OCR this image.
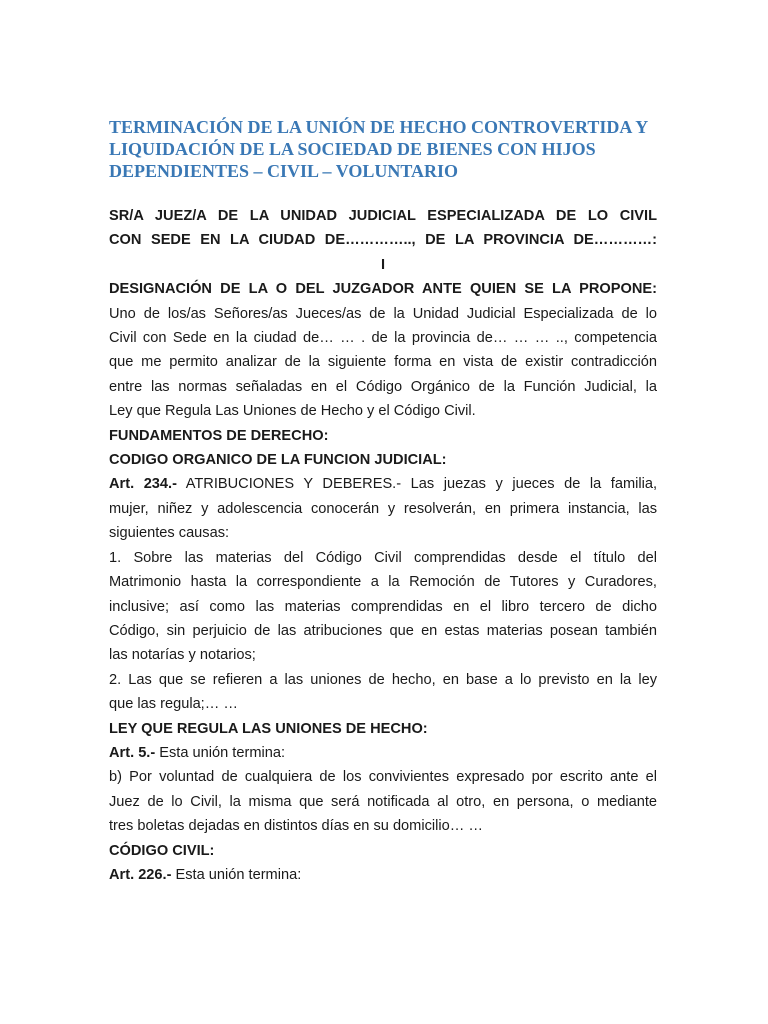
TERMINACIÓN DE LA UNIÓN DE HECHO CONTROVERTIDA Y
LIQUIDACIÓN DE LA SOCIEDAD DE BIENES CON HIJOS
DEPENDIENTES – CIVIL – VOLUNTARIO

SR/A JUEZ/A DE LA UNIDAD JUDICIAL ESPECIALIZADA DE LO CIVIL
CON SEDE EN LA CIUDAD DE………….., DE LA PROVINCIA DE…………:

I

DESIGNACIÓN DE LA O DEL JUZGADOR ANTE QUIEN SE LA PROPONE:

Uno de los/as Señores/as Jueces/as de la Unidad Judicial Especializada de lo
Civil con Sede en la ciudad de… … . de la provincia de… … … .., competencia
que me permito analizar de la siguiente forma en vista de existir contradicción
entre las normas señaladas en el Código Orgánico de la Función Judicial, la
Ley que Regula Las Uniones de Hecho y el Código Civil.

FUNDAMENTOS DE DERECHO:

CODIGO ORGANICO DE LA FUNCION JUDICIAL:

Art. 234.- ATRIBUCIONES Y DEBERES.- Las juezas y jueces de la familia,
mujer, niñez y adolescencia conocerán y resolverán, en primera instancia, las
siguientes causas:

1. Sobre las materias del Código Civil comprendidas desde el título del
Matrimonio hasta la correspondiente a la Remoción de Tutores y Curadores,
inclusive; así como las materias comprendidas en el libro tercero de dicho
Código, sin perjuicio de las atribuciones que en estas materias posean también
las notarías y notarios;

2. Las que se refieren a las uniones de hecho, en base a lo previsto en la ley
que las regula;… …

LEY QUE REGULA LAS UNIONES DE HECHO:

Art. 5.- Esta unión termina:

b) Por voluntad de cualquiera de los convivientes expresado por escrito ante el
Juez de lo Civil, la misma que será notificada al otro, en persona, o mediante
tres boletas dejadas en distintos días en su domicilio… …

CÓDIGO CIVIL:

Art. 226.- Esta unión termina:
